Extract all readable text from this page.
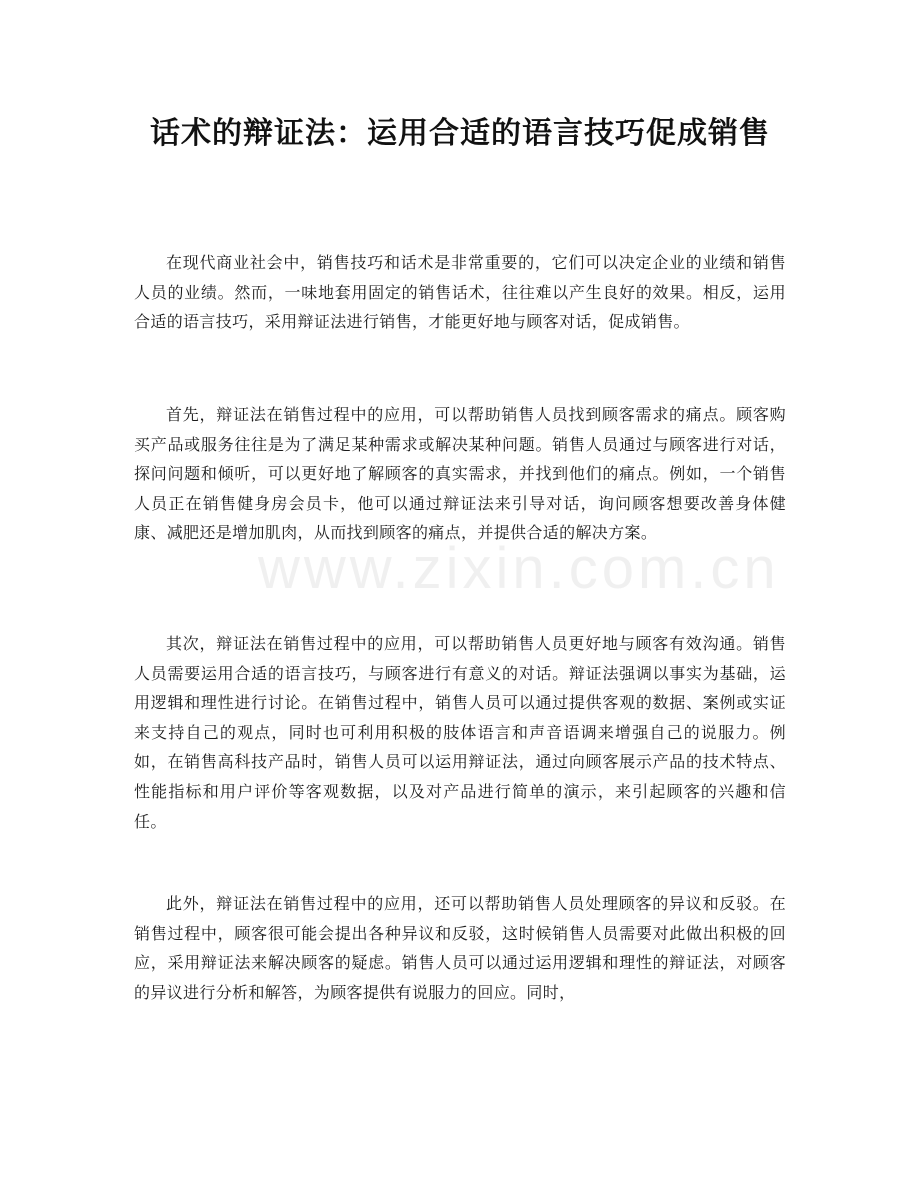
话术的辩证法：运用合适的语言技巧促成销售

在现代商业社会中，销售技巧和话术是非常重要的，它们可以决定企业的业绩和销售人员的业绩。然而，一味地套用固定的销售话术，往往难以产生良好的效果。相反，运用合适的语言技巧，采用辩证法进行销售，才能更好地与顾客对话，促成销售。

首先，辩证法在销售过程中的应用，可以帮助销售人员找到顾客需求的痛点。顾客购买产品或服务往往是为了满足某种需求或解决某种问题。销售人员通过与顾客进行对话，探问问题和倾听，可以更好地了解顾客的真实需求，并找到他们的痛点。例如，一个销售人员正在销售健身房会员卡，他可以通过辩证法来引导对话，询问顾客想要改善身体健康、减肥还是增加肌肉，从而找到顾客的痛点，并提供合适的解决方案。

其次，辩证法在销售过程中的应用，可以帮助销售人员更好地与顾客有效沟通。销售人员需要运用合适的语言技巧，与顾客进行有意义的对话。辩证法强调以事实为基础，运用逻辑和理性进行讨论。在销售过程中，销售人员可以通过提供客观的数据、案例或实证来支持自己的观点，同时也可利用积极的肢体语言和声音语调来增强自己的说服力。例如，在销售高科技产品时，销售人员可以运用辩证法，通过向顾客展示产品的技术特点、性能指标和用户评价等客观数据，以及对产品进行简单的演示，来引起顾客的兴趣和信任。

此外，辩证法在销售过程中的应用，还可以帮助销售人员处理顾客的异议和反驳。在销售过程中，顾客很可能会提出各种异议和反驳，这时候销售人员需要对此做出积极的回应，采用辩证法来解决顾客的疑虑。销售人员可以通过运用逻辑和理性的辩证法，对顾客的异议进行分析和解答，为顾客提供有说服力的回应。同时，

www.zixin.com.cn
